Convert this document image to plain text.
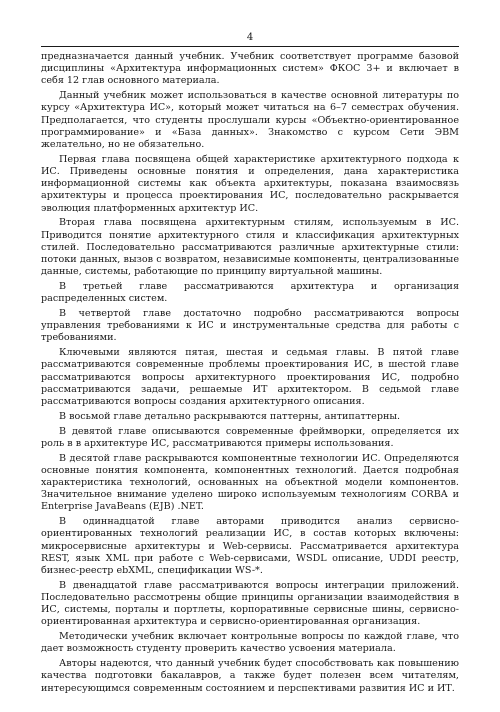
4

предназначается данный учебник. Учебник соответствует программе базовой дисциплины «Архитектура информационных систем» ФКОС 3+ и включает в себя 12 глав основного материала.

Данный учебник может использоваться в качестве основной литературы по курсу «Архитектура ИС», который может читаться на 6–7 семестрах обучения. Предполагается, что студенты прослушали курсы «Объектно-ориентированное программирование» и «База данных». Знакомство с курсом Сети ЭВМ желательно, но не обязательно.

Первая глава посвящена общей характеристике архитектурного подхода к ИС. Приведены основные понятия и определения, дана характеристика информационной системы как объекта архитектуры, показана взаимосвязь архитектуры и процесса проектирования ИС, последовательно раскрывается эволюция платформенных архитектур ИС.

Вторая глава посвящена архитектурным стилям, используемым в ИС. Приводится понятие архитектурного стиля и классификация архитектурных стилей. Последовательно рассматриваются различные архитектурные стили: потоки данных, вызов с возвратом, независимые компоненты, централизованные данные, системы, работающие по принципу виртуальной машины.

В третьей главе рассматриваются архитектура и организация распределенных систем.

В четвертой главе достаточно подробно рассматриваются вопросы управления требованиями к ИС и инструментальные средства для работы с требованиями.

Ключевыми являются пятая, шестая и седьмая главы. В пятой главе рассматриваются современные проблемы проектирования ИС, в шестой главе рассматриваются вопросы архитектурного проектирования ИС, подробно рассматриваются задачи, решаемые ИТ архитектором. В седьмой главе рассматриваются вопросы создания архитектурного описания.

В восьмой главе детально раскрываются паттерны, антипаттерны.

В девятой главе описываются современные фреймворки, определяется их роль в в архитектуре ИС, рассматриваются примеры использования.

В десятой главе раскрываются компонентные технологии ИС. Определяются основные понятия компонента, компонентных технологий. Дается подробная характеристика технологий, основанных на объектной модели компонентов. Значительное внимание уделено широко используемым технологиям CORBA и Enterprise JavaBeans (EJB) .NET.

В одиннадцатой главе авторами приводится анализ сервисно-ориентированных технологий реализации ИС, в состав которых включены: микросервисные архитектуры и Web-сервисы. Рассматривается архитектура REST, язык XML при работе с Web-сервисами, WSDL описание, UDDI реестр, бизнес-реестр ebXML, спецификации WS-*.

В двенадцатой главе рассматриваются вопросы интеграции приложений. Последовательно рассмотрены общие принципы организации взаимодействия в ИС, системы, порталы и портлеты, корпоративные сервисные шины, сервисно-ориентированная архитектура и сервисно-ориентированная организация.

Методически учебник включает контрольные вопросы по каждой главе, что дает возможность студенту проверить качество усвоения материала.

Авторы надеются, что данный учебник будет способствовать как повышению качества подготовки бакалавров, а также будет полезен всем читателям, интересующимся современным состоянием и перспективами развития ИС и ИТ.
